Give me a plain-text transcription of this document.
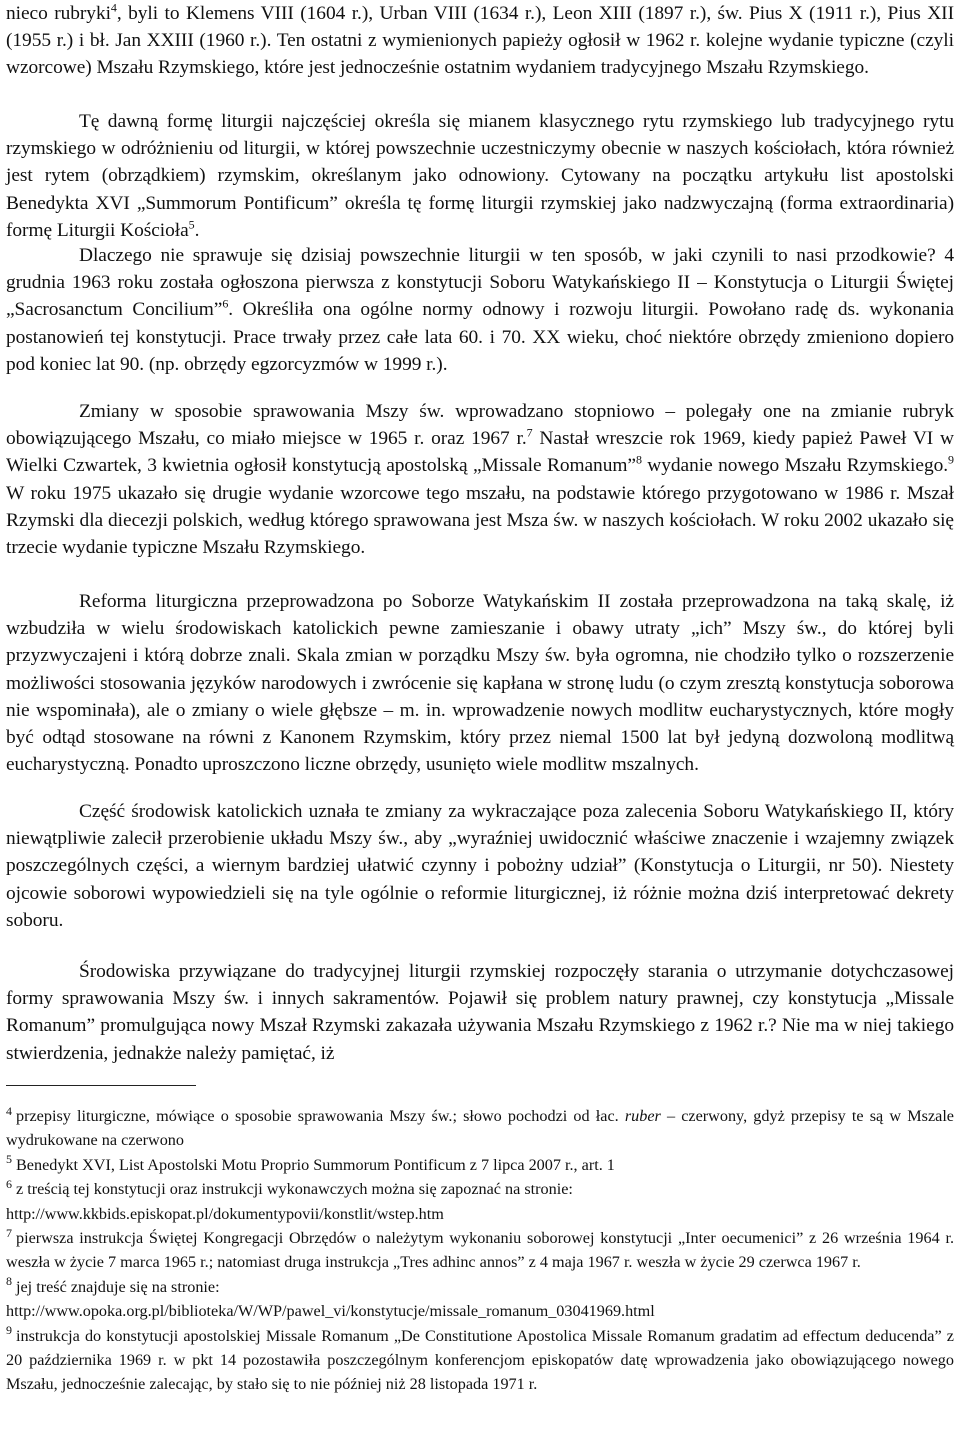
nieco rubryki$^4$, byli to Klemens VIII (1604 r.), Urban VIII (1634 r.), Leon XIII (1897 r.), św. Pius X (1911 r.), Pius XII (1955 r.) i bł. Jan XXIII (1960 r.). Ten ostatni z wymienionych papieży ogłosił w 1962 r. kolejne wydanie typiczne (czyli wzorcowe) Mszału Rzymskiego, które jest jednocześnie ostatnim wydaniem tradycyjnego Mszału Rzymskiego.

Tę dawną formę liturgii najczęściej określa się mianem klasycznego rytu rzymskiego lub tradycyjnego rytu rzymskiego w odróżnieniu od liturgii, w której powszechnie uczestniczymy obecnie w naszych kościołach, która również jest rytem (obrządkiem) rzymskim, określanym jako odnowiony. Cytowany na początku artykułu list apostolski Benedykta XVI „Summorum Pontificum” określa tę formę liturgii rzymskiej jako nadzwyczajną (forma extraordinaria) formę Liturgii Kościoła$^5$.

Dlaczego nie sprawuje się dzisiaj powszechnie liturgii w ten sposób, w jaki czynili to nasi przodkowie? 4 grudnia 1963 roku została ogłoszona pierwsza z konstytucji Soboru Watykańskiego II – Konstytucja o Liturgii Świętej „Sacrosanctum Concilium”$^6$. Określiła ona ogólne normy odnowy i rozwoju liturgii. Powołano radę ds. wykonania postanowień tej konstytucji. Prace trwały przez całe lata 60. i 70. XX wieku, choć niektóre obrzędy zmieniono dopiero pod koniec lat 90. (np. obrzędy egzorcyzmów w 1999 r.).

Zmiany w sposobie sprawowania Mszy św. wprowadzano stopniowo – polegały one na zmianie rubryk obowiązującego Mszału, co miało miejsce w 1965 r. oraz 1967 r.$^7$ Nastał wreszcie rok 1969, kiedy papież Paweł VI w Wielki Czwartek, 3 kwietnia ogłosił konstytucją apostolską „Missale Romanum”$^8$ wydanie nowego Mszału Rzymskiego.$^9$ W roku 1975 ukazało się drugie wydanie wzorcowe tego mszału, na podstawie którego przygotowano w 1986 r. Mszał Rzymski dla diecezji polskich, według którego sprawowana jest Msza św. w naszych kościołach. W roku 2002 ukazało się trzecie wydanie typiczne Mszału Rzymskiego.

Reforma liturgiczna przeprowadzona po Soborze Watykańskim II została przeprowadzona na taką skalę, iż wzbudziła w wielu środowiskach katolickich pewne zamieszanie i obawy utraty „ich” Mszy św., do której byli przyzwyczajeni i którą dobrze znali. Skala zmian w porządku Mszy św. była ogromna, nie chodziło tylko o rozszerzenie możliwości stosowania języków narodowych i zwrócenie się kapłana w stronę ludu (o czym zresztą konstytucja soborowa nie wspominała), ale o zmiany o wiele głębsze – m. in. wprowadzenie nowych modlitw eucharystycznych, które mogły być odtąd stosowane na równi z Kanonem Rzymskim, który przez niemal 1500 lat był jedyną dozwoloną modlitwą eucharystyczną. Ponadto uproszczono liczne obrzędy, usunięto wiele modlitw mszalnych.

Część środowisk katolickich uznała te zmiany za wykraczające poza zalecenia Soboru Watykańskiego II, który niewątpliwie zalecił przerobienie układu Mszy św., aby „wyraźniej uwidocznić właściwe znaczenie i wzajemny związek poszczególnych części, a wiernym bardziej ułatwić czynny i pobożny udział” (Konstytucja o Liturgii, nr 50). Niestety ojcowie soborowi wypowiedzieli się na tyle ogólnie o reformie liturgicznej, iż różnie można dziś interpretować dekrety soboru.

Środowiska przywiązane do tradycyjnej liturgii rzymskiej rozpoczęły starania o utrzymanie dotychczasowej formy sprawowania Mszy św. i innych sakramentów. Pojawił się problem natury prawnej, czy konstytucja „Missale Romanum” promulgująca nowy Mszał Rzymski zakazała używania Mszału Rzymskiego z 1962 r.? Nie ma w niej takiego stwierdzenia, jednakże należy pamiętać, iż

$^4$ przepisy liturgiczne, mówiące o sposobie sprawowania Mszy św.; słowo pochodzi od łac. ruber – czerwony, gdyż przepisy te są w Mszale wydrukowane na czerwono

$^5$ Benedykt XVI, List Apostolski Motu Proprio Summorum Pontificum z 7 lipca 2007 r., art. 1

$^6$ z treścią tej konstytucji oraz instrukcji wykonawczych można się zapoznać na stronie:
http://www.kkbids.episkopat.pl/dokumentypovii/konstlit/wstep.htm

$^7$ pierwsza instrukcja Świętej Kongregacji Obrzędów o należytym wykonaniu soborowej konstytucji „Inter oecumenici” z 26 września 1964 r. weszła w życie 7 marca 1965 r.; natomiast druga instrukcja „Tres adhinc annos” z 4 maja 1967 r. weszła w życie 29 czerwca 1967 r.

$^8$ jej treść znajduje się na stronie:
http://www.opoka.org.pl/biblioteka/W/WP/pawel_vi/konstytucje/missale_romanum_03041969.html

$^9$ instrukcja do konstytucji apostolskiej Missale Romanum „De Constitutione Apostolica Missale Romanum gradatim ad effectum deducenda” z 20 października 1969 r. w pkt 14 pozostawiła poszczególnym konferencjom episkopatów datę wprowadzenia jako obowiązującego nowego Mszału, jednocześnie zalecając, by stało się to nie później niż 28 listopada 1971 r.
